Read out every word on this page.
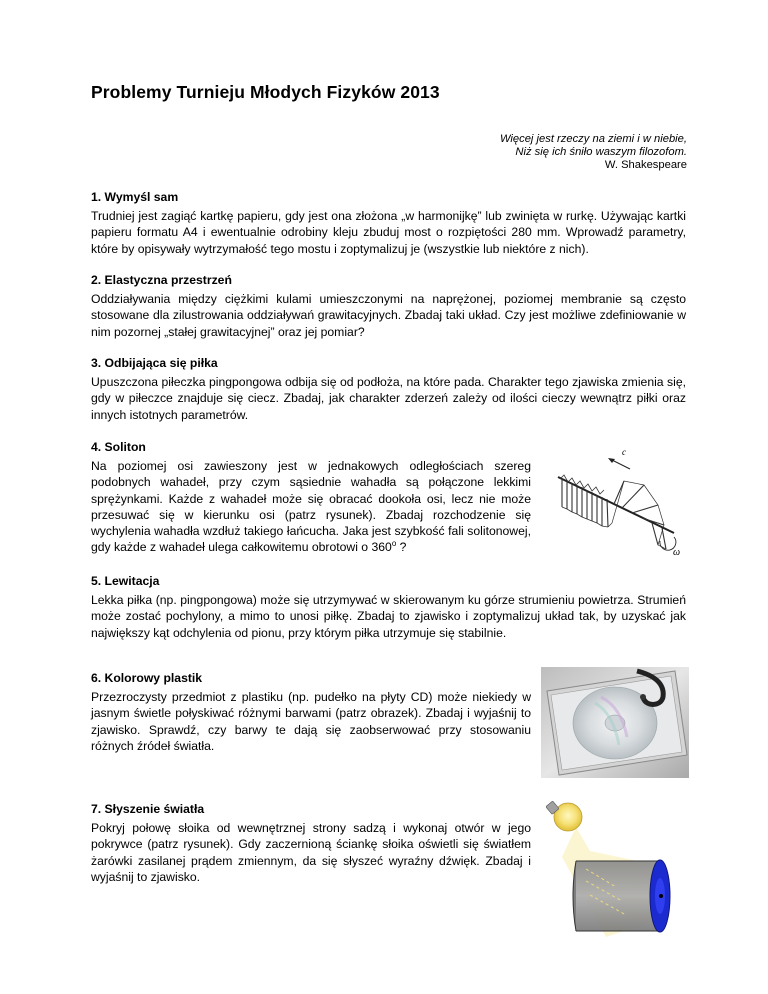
Problemy Turnieju Młodych Fizyków 2013
Więcej jest rzeczy na ziemi i w niebie,
Niż się ich śniło waszym filozofom.
W. Shakespeare
1. Wymyśl sam

Trudniej jest zagiąć kartkę papieru, gdy jest ona złożona „w harmonijkę” lub zwinięta w rurkę. Używając kartki papieru formatu A4 i ewentualnie odrobiny kleju zbuduj most o rozpiętości 280 mm. Wprowadź parametry, które by opisywały wytrzymałość tego mostu i zoptymalizuj je (wszystkie lub niektóre z nich).

2. Elastyczna przestrzeń

Oddziaływania między ciężkimi kulami umieszczonymi na naprężonej, poziomej membranie są często stosowane dla zilustrowania oddziaływań grawitacyjnych. Zbadaj taki układ. Czy jest możliwe zdefiniowanie w nim pozornej „stałej grawitacyjnej” oraz jej pomiar?

3. Odbijająca się piłka

Upuszczona piłeczka pingpongowa odbija się od podłoża, na które pada. Charakter tego zjawiska zmienia się, gdy w piłeczce znajduje się ciecz. Zbadaj, jak charakter zderzeń zależy od ilości cieczy wewnątrz piłki oraz innych istotnych parametrów.

4. Soliton

Na poziomej osi zawieszony jest w jednakowych odległościach szereg podobnych wahadeł, przy czym sąsiednie wahadła są połączone lekkimi sprężynkami. Każde z wahadeł może się obracać dookoła osi, lecz nie może przesuwać się w kierunku osi (patrz rysunek). Zbadaj rozchodzenie się wychylenia wahadła wzdłuż takiego łańcucha. Jaka jest szybkość fali solitonowej, gdy każde z wahadeł ulega całkowitemu obrotowi o 360$^o$ ?

c
ω
5. Lewitacja

Lekka piłka (np. pingpongowa) może się utrzymywać w skierowanym ku górze strumieniu powietrza. Strumień może zostać pochylony, a mimo to unosi piłkę. Zbadaj to zjawisko i zoptymalizuj układ tak, by uzyskać jak największy kąt odchylenia od pionu, przy którym piłka utrzymuje się stabilnie.

6. Kolorowy plastik

Przezroczysty przedmiot z plastiku (np. pudełko na płyty CD) może niekiedy w jasnym świetle połyskiwać różnymi barwami (patrz obrazek). Zbadaj i wyjaśnij to zjawisko. Sprawdź, czy barwy te dają się zaobserwować przy stosowaniu różnych źródeł światła.

7. Słyszenie światła

Pokryj połowę słoika od wewnętrznej strony sadzą i wykonaj otwór w jego pokrywce (patrz rysunek). Gdy zaczernioną ściankę słoika oświetli się światłem żarówki zasilanej prądem zmiennym, da się słyszeć wyraźny dźwięk. Zbadaj i wyjaśnij to zjawisko.
